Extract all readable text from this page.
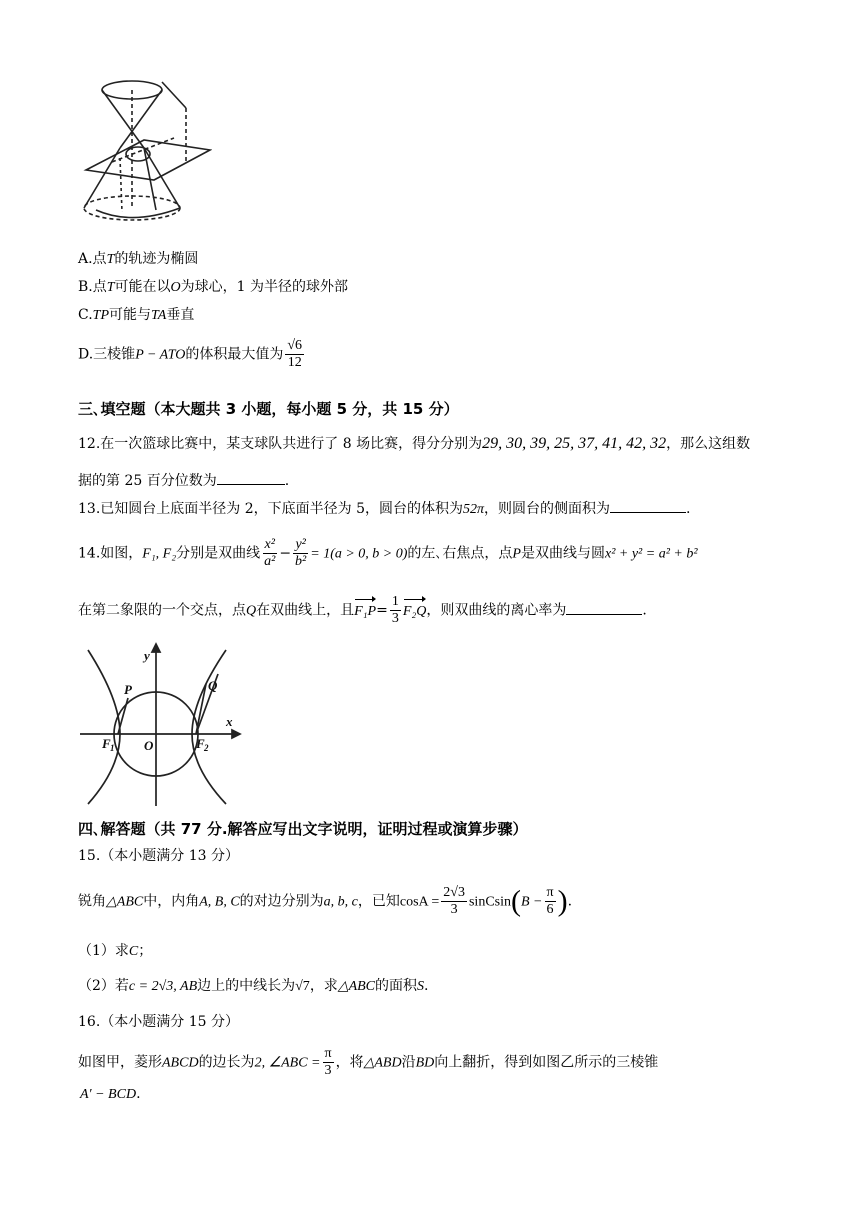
A.点T的轨迹为椭圆
B.点T可能在以O为球心，1 为半径的球外部
C.TP可能与TA垂直
D.三棱锥P − ATO的体积最大值为 $\frac{√6}{12}$
三､填空题（本大题共 3 小题，每小题 5 分，共 15 分）
12.在一次篮球比赛中，某支球队共进行了 8 场比赛，得分分别为29, 30, 39, 25, 37, 41, 42, 32，那么这组数
据的第 25 百分位数为	.
13.已知圆台上底面半径为 2，下底面半径为 5，圆台的体积为52π，则圆台的侧面积为	.
14.如图，F₁, F₂分别是双曲线 $\frac{\text{x²}}{\text{a²}} - \frac{\text{y²}}{\text{b²}} = 1(a > 0$, b > 0)的左､右焦点，点P是双曲线与圆x² + y² = a² + b²
在第二象限的一个交点，点Q在双曲线上，且$F_1P= \frac{1}{3} F_2Q$，则双曲线的离心率为	.
y
x
P	Q
O
F 1	F 2
四､解答题（共 77 分.解答应写出文字说明，证明过程或演算步骤）
15.（本小题满分 13 分）
锐角△ABC中，内角A, B, C的对边分别为a, b, c，已知$\cos A = \frac{2√3}{3}$ sinCsin(B − $\frac{\pi}{6}$ ).
（1）求C；
（2）若c = 2√3, AB边上的中线长为√7，求△ABC的面积S.
16.（本小题满分 15 分）
如图甲，菱形ABCD的边长为2, ∠ABC = $\frac{\pi}{3}$ ，将△ABD沿BD向上翻折，得到如图乙所示的三棱锥
A′ − BCD.
